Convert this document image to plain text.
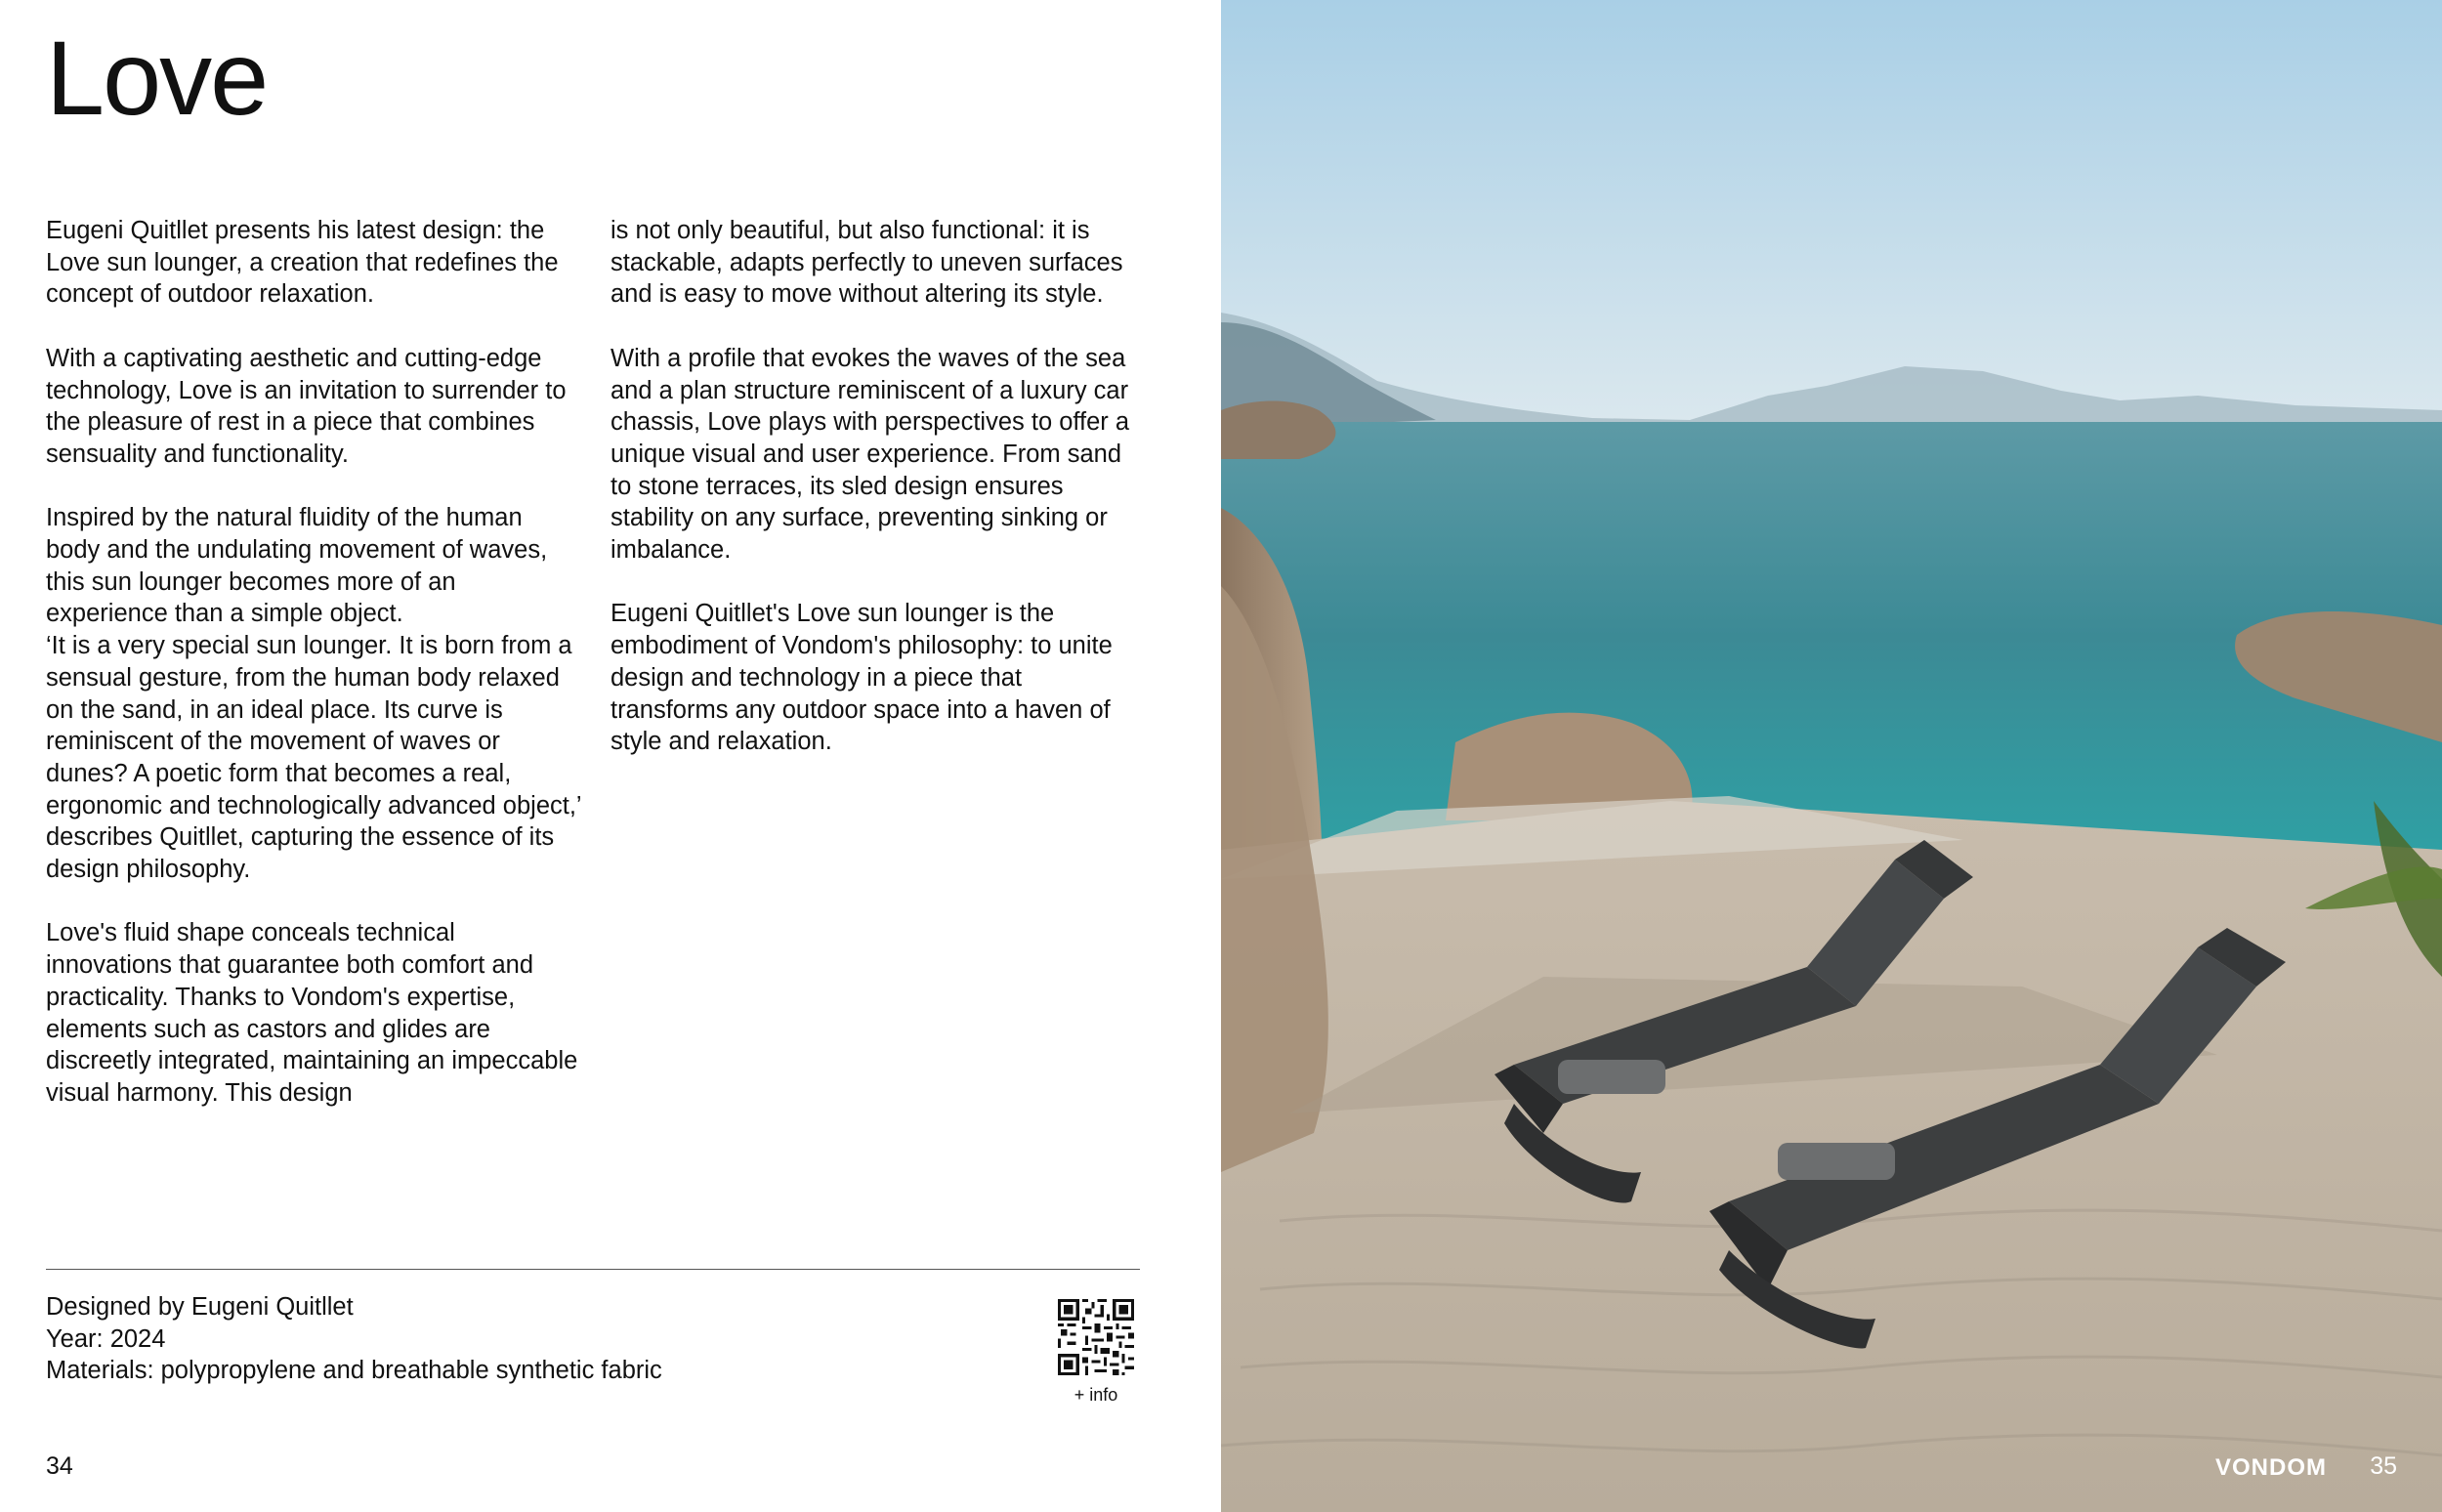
Love

Eugeni Quitllet presents his latest design: the Love sun lounger, a creation that redefines the concept of outdoor relaxation.

With a captivating aesthetic and cutting-edge technology, Love is an invitation to surrender to the pleasure of rest in a piece that combines sensuality and functionality.

Inspired by the natural fluidity of the human body and the undulating movement of waves, this sun lounger becomes more of an experience than a simple object.

‘It is a very special sun lounger. It is born from a sensual gesture, from the human body relaxed on the sand, in an ideal place. Its curve is reminiscent of the movement of waves or dunes? A poetic form that becomes a real, ergonomic and technologically advanced object,’ describes Quitllet, capturing the essence of its design philosophy.

Love's fluid shape conceals technical innovations that guarantee both comfort and practicality. Thanks to Vondom's expertise, elements such as castors and glides are discreetly integrated, maintaining an impeccable visual harmony. This design

is not only beautiful, but also functional: it is stackable, adapts perfectly to uneven surfaces and is easy to move without altering its style.

With a profile that evokes the waves of the sea and a plan structure reminiscent of a luxury car chassis, Love plays with perspectives to offer a unique visual and user experience. From sand to stone terraces, its sled design ensures stability on any surface, preventing sinking or imbalance.

Eugeni Quitllet's Love sun lounger is the embodiment of Vondom's philosophy: to unite design and technology in a piece that transforms any outdoor space into a haven of style and relaxation.

Designed by Eugeni Quitllet
Year: 2024
Materials: polypropylene and breathable synthetic fabric
+ info
34	VONDOM 35
